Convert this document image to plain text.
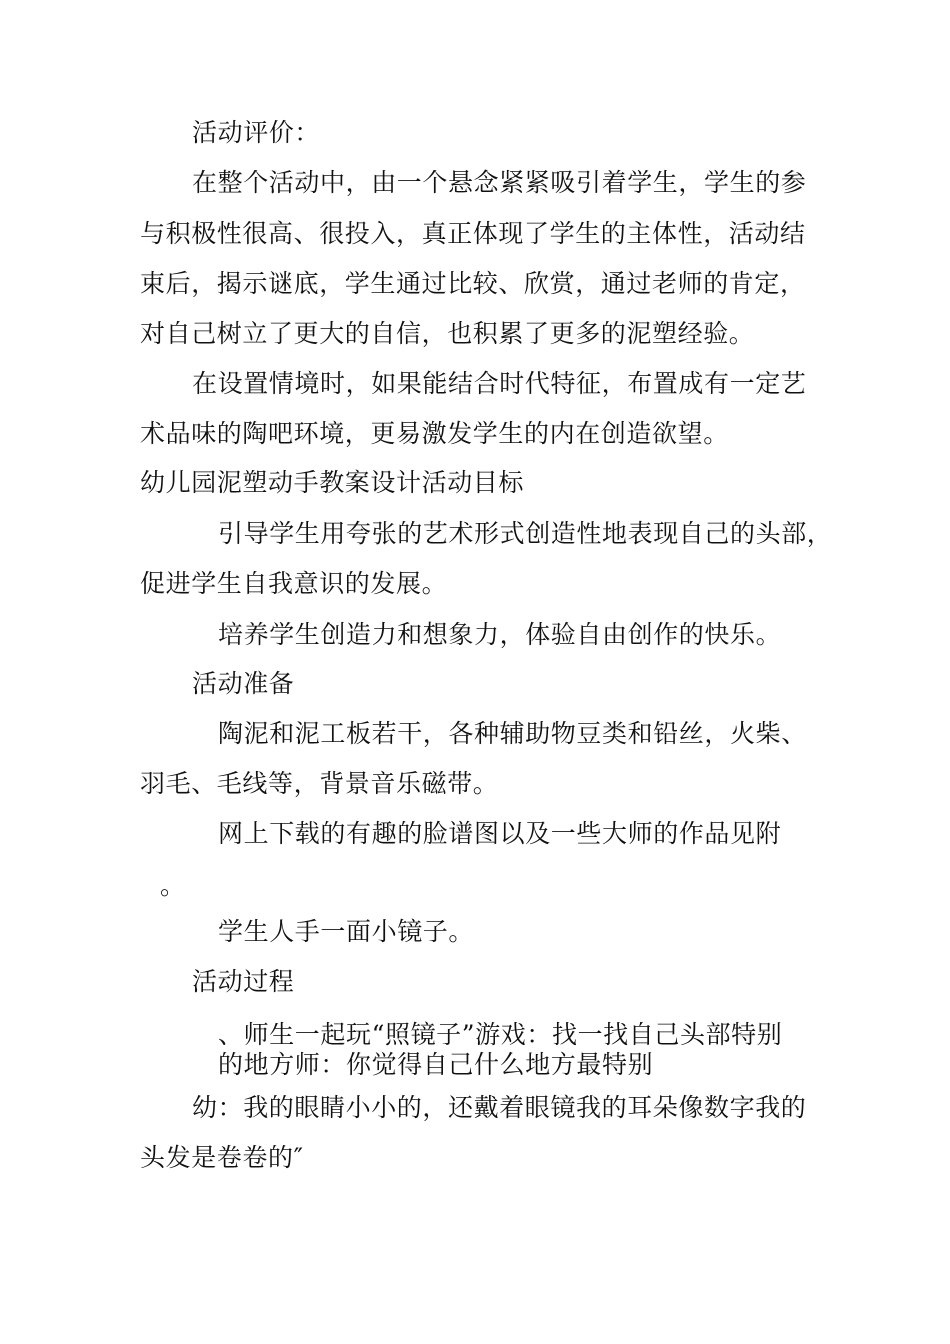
活动评价：

在整个活动中，由一个悬念紧紧吸引着学生，学生的参

与积极性很高、很投入，真正体现了学生的主体性，活动结

束后，揭示谜底，学生通过比较、欣赏，通过老师的肯定，

对自己树立了更大的自信，也积累了更多的泥塑经验。

在设置情境时，如果能结合时代特征，布置成有一定艺

术品味的陶吧环境，更易激发学生的内在创造欲望。

幼儿园泥塑动手教案设计活动目标

引导学生用夸张的艺术形式创造性地表现自己的头部，

促进学生自我意识的发展。

培养学生创造力和想象力，体验自由创作的快乐。

活动准备

陶泥和泥工板若干，各种辅助物豆类和铅丝，火柴、

羽毛、毛线等，背景音乐磁带。

网上下载的有趣的脸谱图以及一些大师的作品见附

。

学生人手一面小镜子。

活动过程

、师生一起玩“照镜子”游戏：找一找自己头部特别

的地方师：你觉得自己什么地方最特别

幼：我的眼睛小小的，还戴着眼镜我的耳朵像数字我的

头发是卷卷的″
